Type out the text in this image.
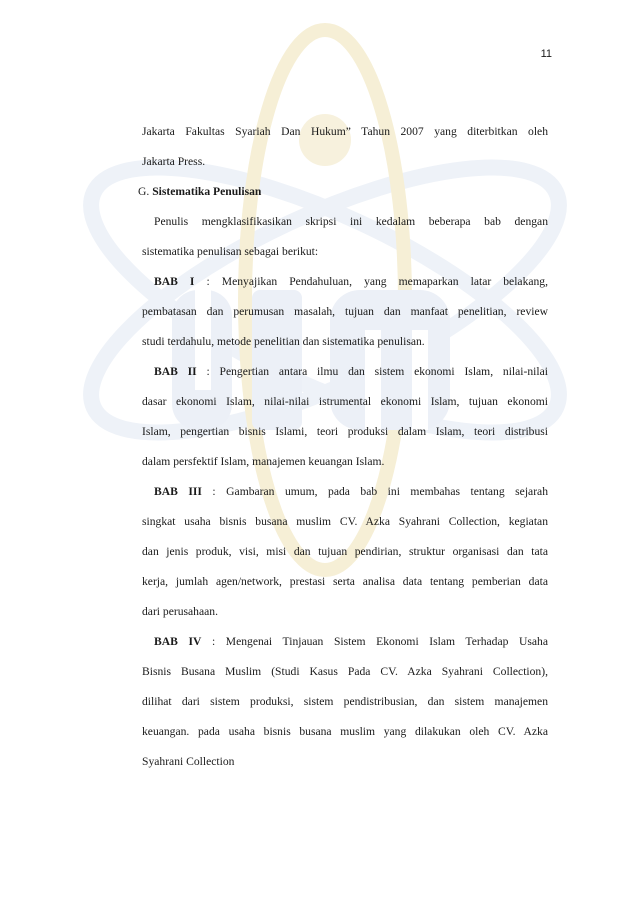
11
Jakarta Fakultas Syariah Dan Hukum” Tahun 2007 yang diterbitkan oleh
Jakarta Press.
G. Sistematika Penulisan
Penulis mengklasifikasikan skripsi ini kedalam beberapa bab dengan
sistematika penulisan sebagai berikut:
BAB I : Menyajikan Pendahuluan, yang memaparkan latar belakang,
pembatasan dan perumusan masalah, tujuan dan manfaat penelitian, review
studi terdahulu, metode penelitian dan sistematika penulisan.
BAB II : Pengertian antara ilmu dan sistem ekonomi Islam, nilai-nilai
dasar ekonomi Islam, nilai-nilai istrumental ekonomi Islam, tujuan ekonomi
Islam, pengertian bisnis Islami, teori produksi dalam Islam, teori distribusi
dalam persfektif Islam, manajemen keuangan Islam.
BAB III : Gambaran umum, pada bab ini membahas tentang sejarah
singkat usaha bisnis busana muslim CV. Azka Syahrani Collection, kegiatan
dan jenis produk, visi, misi dan tujuan pendirian, struktur organisasi dan tata
kerja, jumlah agen/network, prestasi serta analisa data tentang pemberian data
dari perusahaan.
BAB IV : Mengenai Tinjauan Sistem Ekonomi Islam Terhadap Usaha
Bisnis Busana Muslim (Studi Kasus Pada CV. Azka Syahrani Collection),
dilihat dari sistem produksi, sistem pendistribusian, dan sistem manajemen
keuangan. pada usaha bisnis busana muslim yang dilakukan oleh CV. Azka
Syahrani Collection
